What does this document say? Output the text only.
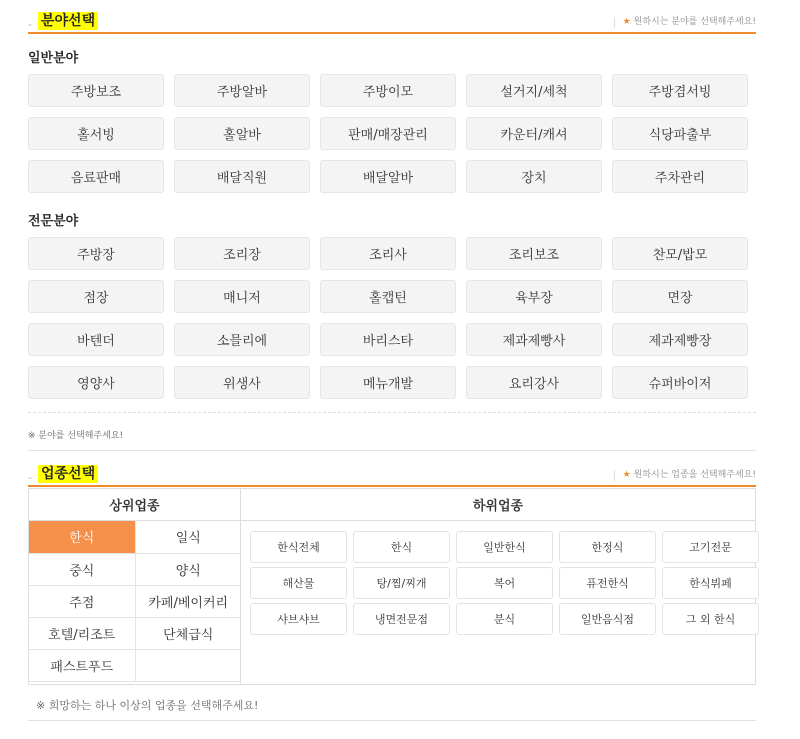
- 분야선택	★ 원하시는 분야를 선택해주세요!
일반분야
주방보조	주방알바	주방이모	설거지/세척	주방겸서빙
홀서빙	홀알바	판매/매장관리	카운터/캐셔	식당파출부
음료판매	배달직원	배달알바	장치	주차관리
전문분야
주방장	조리장	조리사	조리보조	찬모/밥모
점장	매니저	홀캡틴	육부장	면장
바텐더	소믈리에	바리스타	제과제빵사	제과제빵장
영양사	위생사	메뉴개발	요리강사	슈퍼바이저
※ 분야를 선택해주세요!
- 업종선택	★ 원하시는 업종을 선택해주세요!
상위업종
한식	일식
중식	양식
주점	카페/베이커리
호텔/리조트	단체급식
패스트푸드	
하위업종
한식전체	한식	일반한식	한정식	고기전문
해산물	탕/찜/찌개	복어	퓨전한식	한식뷔페
샤브샤브	냉면전문점	분식	일반음식점	그 외 한식
※ 희망하는 하나 이상의 업종을 선택해주세요!
